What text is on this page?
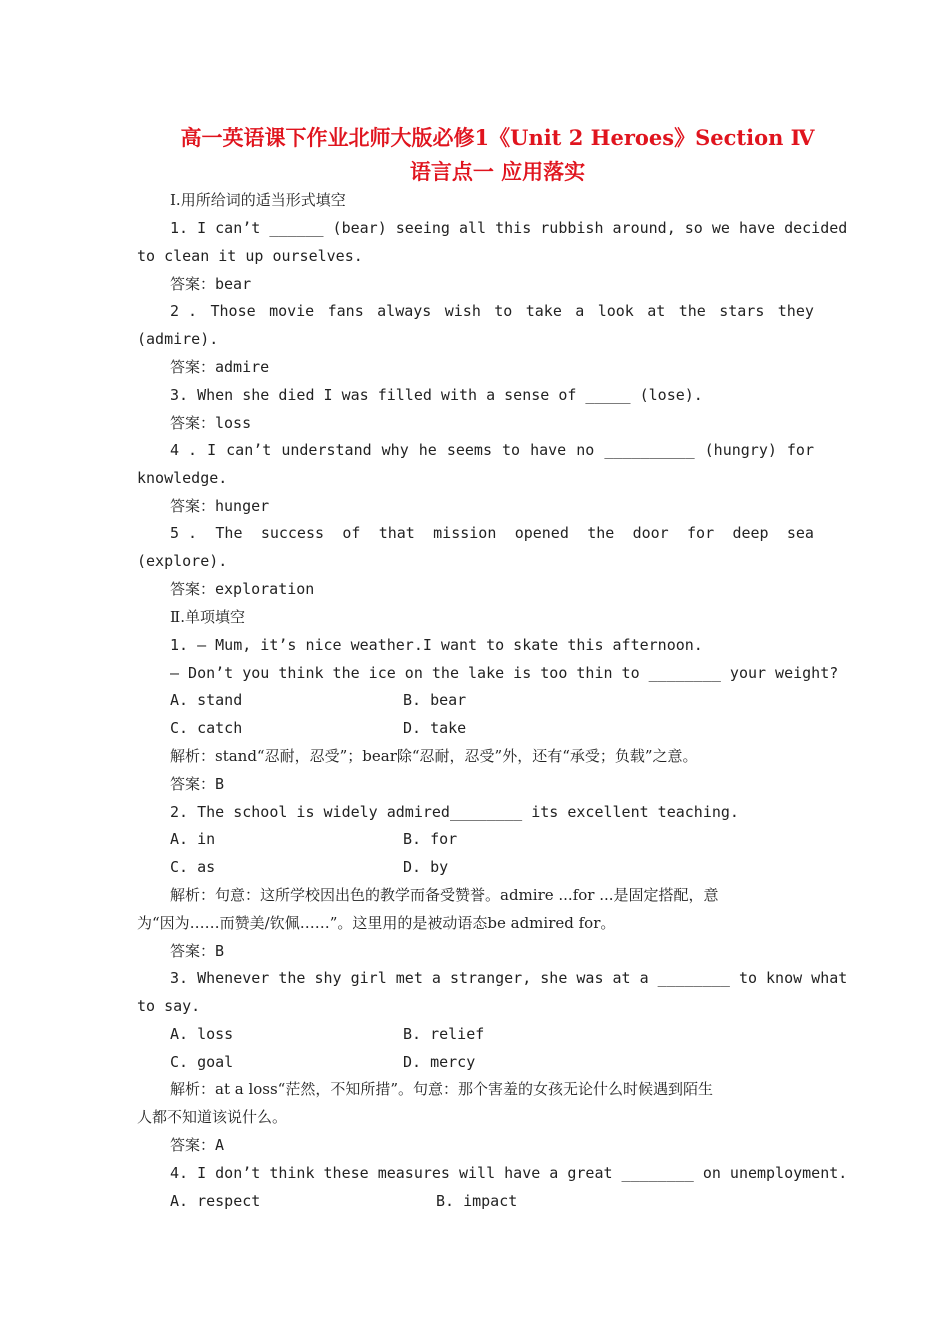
高一英语课下作业北师大版必修1《Unit 2 Heroes》Section Ⅳ
语言点一 应用落实
Ⅰ.用所给词的适当形式填空
1. I can’t ______ (bear) seeing all this rubbish around, so we have decided
to clean it up ourselves.
答案：bear
2 . Those movie fans always wish to take a look at the stars they
(admire).
答案：admire
3. When she died I was filled with a sense of _____ (lose).
答案：loss
4 . I can’t understand why he seems to have no __________ (hungry) for
knowledge.
答案：hunger
5 . The success of that mission opened the door for deep sea
(explore).
答案：exploration
Ⅱ.单项填空
1. — Mum, it’s nice weather.I want to skate this afternoon.
— Don’t you think the ice on the lake is too thin to ________ your weight?
A. stand	B. bear
C. catch	D. take
解析：stand“忍耐，忍受”；bear除“忍耐，忍受”外，还有“承受；负载”之意。
答案：B
2. The school is widely admired________ its excellent teaching.
A. in	B. for
C. as	D. by
解析：句意：这所学校因出色的教学而备受赞誉。admire ...for ...是固定搭配，意
为“因为……而赞美/钦佩……”。这里用的是被动语态be admired for。
答案：B
3. Whenever the shy girl met a stranger, she was at a ________ to know what
to say.
A. loss	B. relief
C. goal	D. mercy
解析：at a loss“茫然，不知所措”。句意：那个害羞的女孩无论什么时候遇到陌生
人都不知道该说什么。
答案：A
4. I don’t think these measures will have a great ________ on unemployment.
A. respect	B. impact
